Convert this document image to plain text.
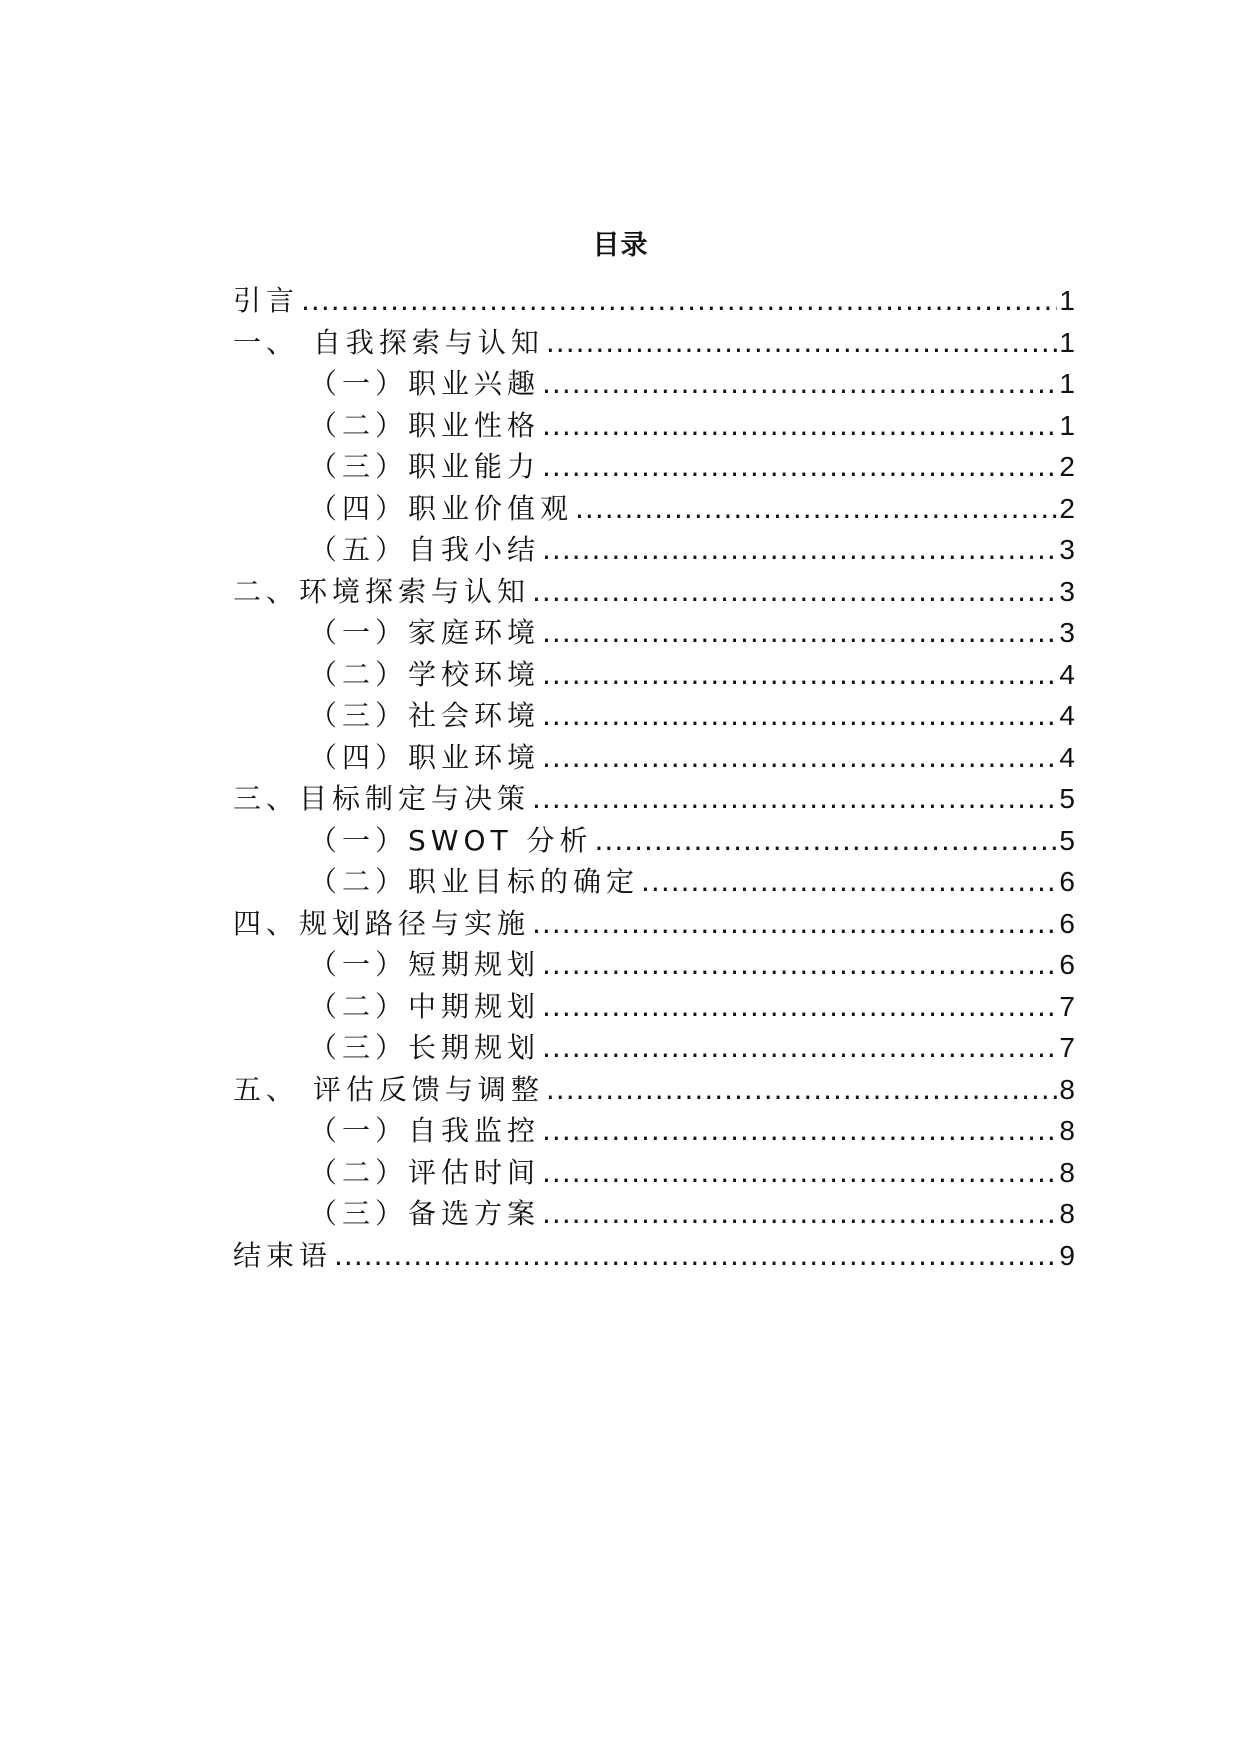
目录
引言 .....	1
一、 自我探索与认知 .....	1
（一）职业兴趣 .....	1
（二）职业性格 .....	1
（三）职业能力 .....	2
（四）职业价值观 .....	2
（五）自我小结 .....	3
二、环境探索与认知 .....	3
（一）家庭环境 .....	3
（二）学校环境 .....	4
（三）社会环境 .....	4
（四）职业环境 .....	4
三、目标制定与决策 .....	5
（一）SWOT 分析 .....	5
（二）职业目标的确定 .....	6
四、规划路径与实施 .....	6
（一）短期规划 .....	6
（二）中期规划 .....	7
（三）长期规划 .....	7
五、 评估反馈与调整 .....	8
（一）自我监控 .....	8
（二）评估时间 .....	8
（三）备选方案 .....	8
结束语 .....	9
